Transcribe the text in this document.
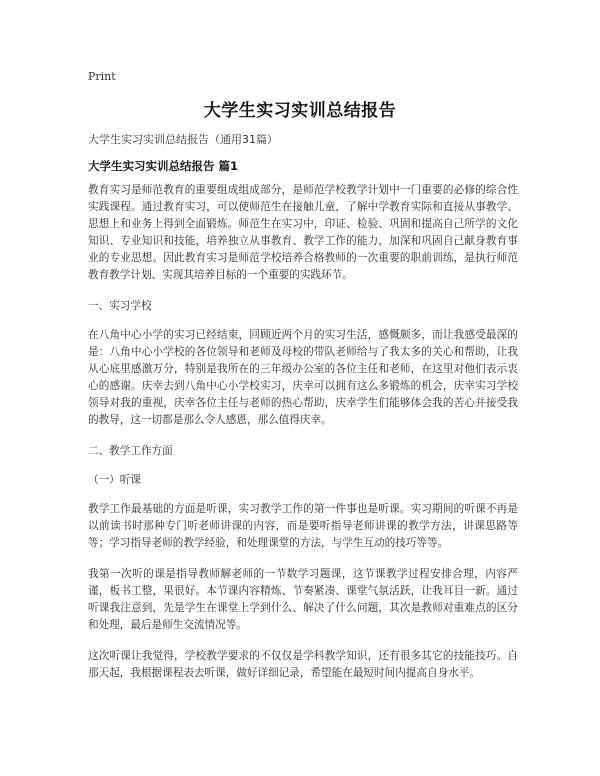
Print
大学生实习实训总结报告
大学生实习实训总结报告（通用31篇）
大学生实习实训总结报告 篇1

教育实习是师范教育的重要组成组成部分，是师范学校教学计划中一门重要的必修的综合性实践课程。通过教育实习，可以使师范生在接触儿童，了解中学教育实际和直接从事教学、思想上和业务上得到全面锻炼。师范生在实习中，印证、检验、巩固和提高自己所学的文化知识、专业知识和技能，培养独立从事教育、教学工作的能力，加深和巩固自己献身教育事业的专业思想。因此教育实习是师范学校培养合格教师的一次重要的职前训练，是执行师范教育教学计划、实现其培养目标的一个重要的实践环节。

一、实习学校

在八角中心小学的实习已经结束，回顾近两个月的实习生活，感慨颇多，而让我感受最深的是：八角中心小学校的各位领导和老师及母校的带队老师给与了我太多的关心和帮助，让我从心底里感激万分，特别是我所在的三年级办公室的各位主任和老师，在这里对他们表示衷心的感谢。庆幸去到八角中心小学校实习，庆幸可以拥有这么多锻炼的机会，庆幸实习学校领导对我的重视，庆幸各位主任与老师的热心帮助，庆幸学生们能够体会我的苦心并接受我的教导，这一切都是那么令人感恩，那么值得庆幸。

二、教学工作方面

（一）听课

教学工作最基础的方面是听课，实习教学工作的第一件事也是听课。实习期间的听课不再是以前读书时那种专门听老师讲课的内容，而是要听指导老师讲课的教学方法，讲课思路等等；学习指导老师的教学经验，和处理课堂的方法，与学生互动的技巧等等。

我第一次听的课是指导教师解老师的一节数学习题课，这节课教学过程安排合理，内容严谨，板书工整，果很好。本节课内容精炼、节奏紧凑、课堂气氛活跃，让我耳目一新。通过听课我注意到，先是学生在课堂上学到什么、解决了什么问题，其次是教师对重难点的区分和处理，最后是师生交流情况等。

这次听课让我觉得，学校教学要求的不仅仅是学科教学知识，还有很多其它的技能技巧。自那天起，我根据课程表去听课，做好详细记录，希望能在最短时间内提高自身水平。
